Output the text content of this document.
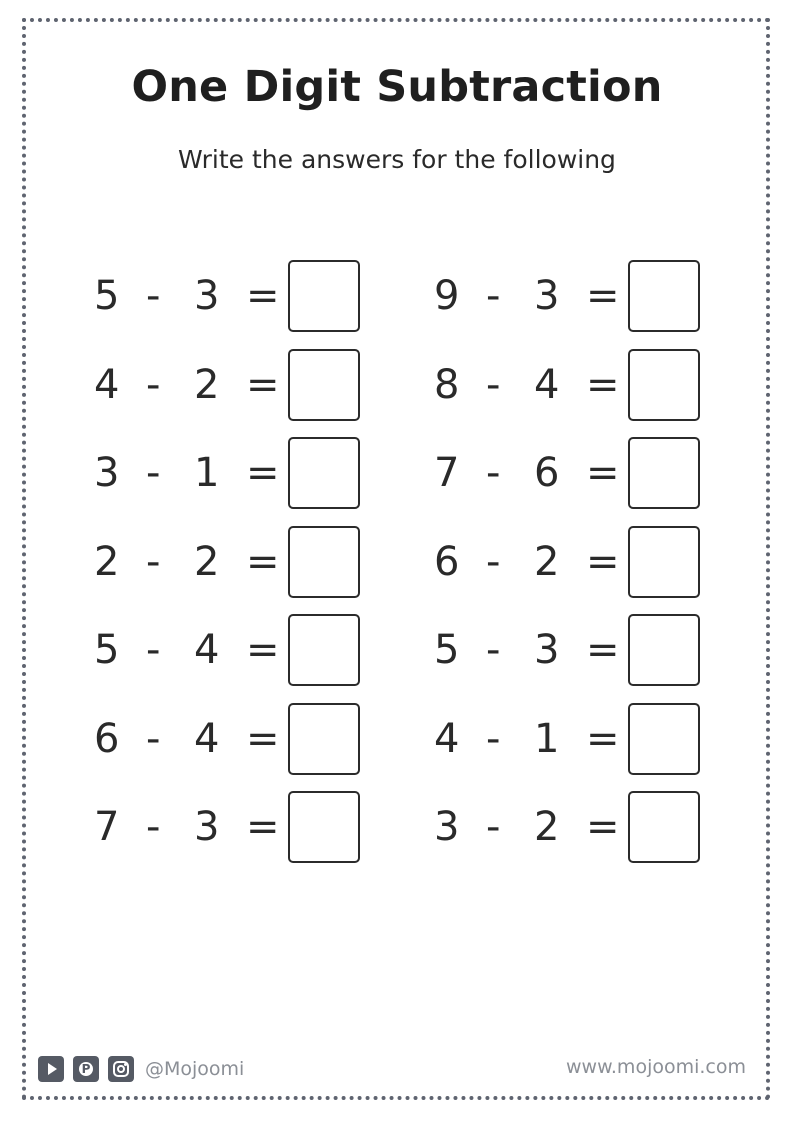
One Digit Subtraction
Write the answers for the following
5 - 3 =
4 - 2 =
3 - 1 =
2 - 2 =
5 - 4 =
6 - 4 =
7 - 3 =
9 - 3 =
8 - 4 =
7 - 6 =
6 - 2 =
5 - 3 =
4 - 1 =
3 - 2 =
P	@Mojoomi	www.mojoomi.com
